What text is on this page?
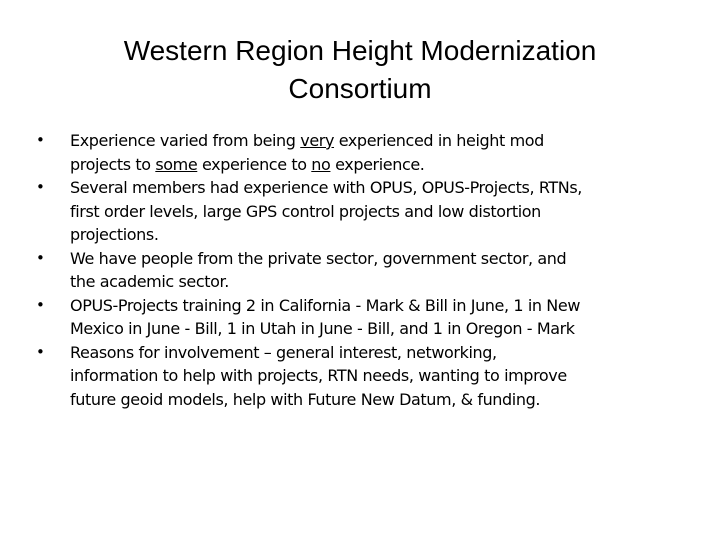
Western Region Height Modernization
Consortium
• Experience varied from being very experienced in height mod
projects to some experience to no experience.
• Several members had experience with OPUS, OPUS-Projects, RTNs,
first order levels, large GPS control projects and low distortion
projections.
• We have people from the private sector, government sector, and
the academic sector.
• OPUS-Projects training 2 in California - Mark & Bill in June, 1 in New
Mexico in June - Bill, 1 in Utah in June - Bill, and 1 in Oregon - Mark
• Reasons for involvement – general interest, networking,
information to help with projects, RTN needs, wanting to improve
future geoid models, help with Future New Datum, & funding.
